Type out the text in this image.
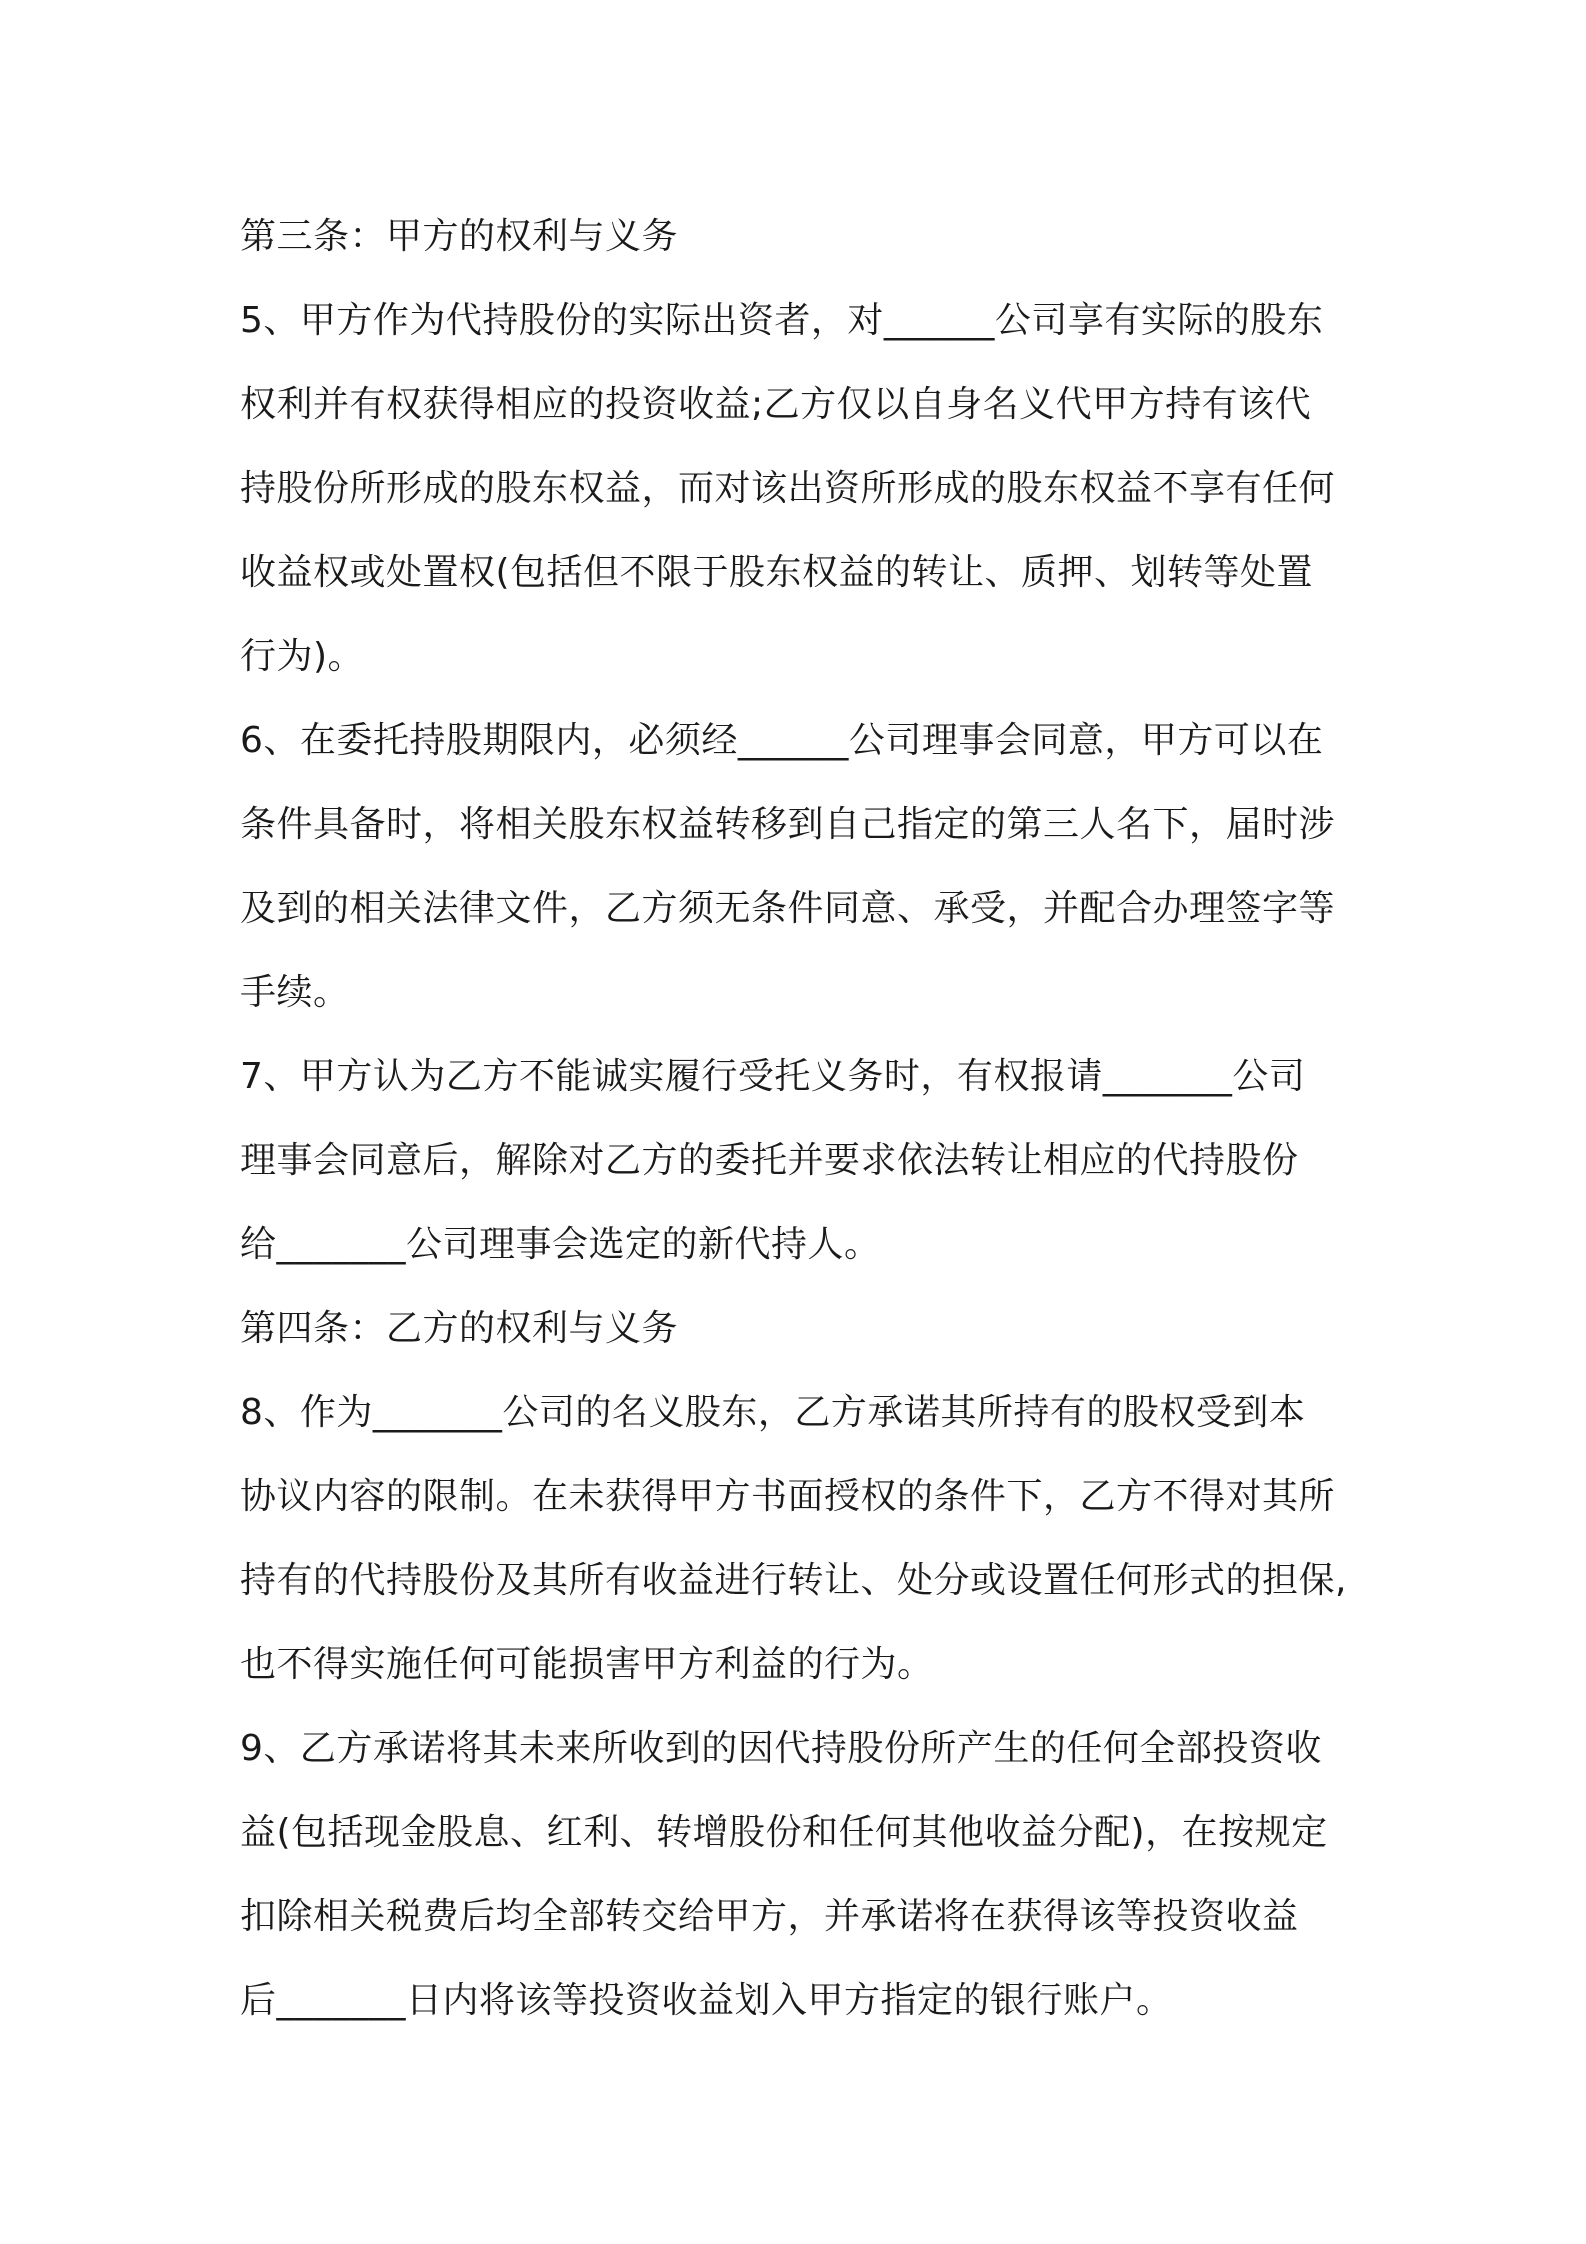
第三条：甲方的权利与义务
5、甲方作为代持股份的实际出资者，对______公司享有实际的股东
权利并有权获得相应的投资收益;乙方仅以自身名义代甲方持有该代
持股份所形成的股东权益，而对该出资所形成的股东权益不享有任何
收益权或处置权(包括但不限于股东权益的转让、质押、划转等处置
行为)。
6、在委托持股期限内，必须经______公司理事会同意，甲方可以在
条件具备时，将相关股东权益转移到自己指定的第三人名下，届时涉
及到的相关法律文件，乙方须无条件同意、承受，并配合办理签字等
手续。
7、甲方认为乙方不能诚实履行受托义务时，有权报请_______公司
理事会同意后，解除对乙方的委托并要求依法转让相应的代持股份
给_______公司理事会选定的新代持人。
第四条：乙方的权利与义务
8、作为_______公司的名义股东，乙方承诺其所持有的股权受到本
协议内容的限制。在未获得甲方书面授权的条件下，乙方不得对其所
持有的代持股份及其所有收益进行转让、处分或设置任何形式的担保,
也不得实施任何可能损害甲方利益的行为。
9、乙方承诺将其未来所收到的因代持股份所产生的任何全部投资收
益(包括现金股息、红利、转增股份和任何其他收益分配)，在按规定
扣除相关税费后均全部转交给甲方，并承诺将在获得该等投资收益
后_______日内将该等投资收益划入甲方指定的银行账户。
